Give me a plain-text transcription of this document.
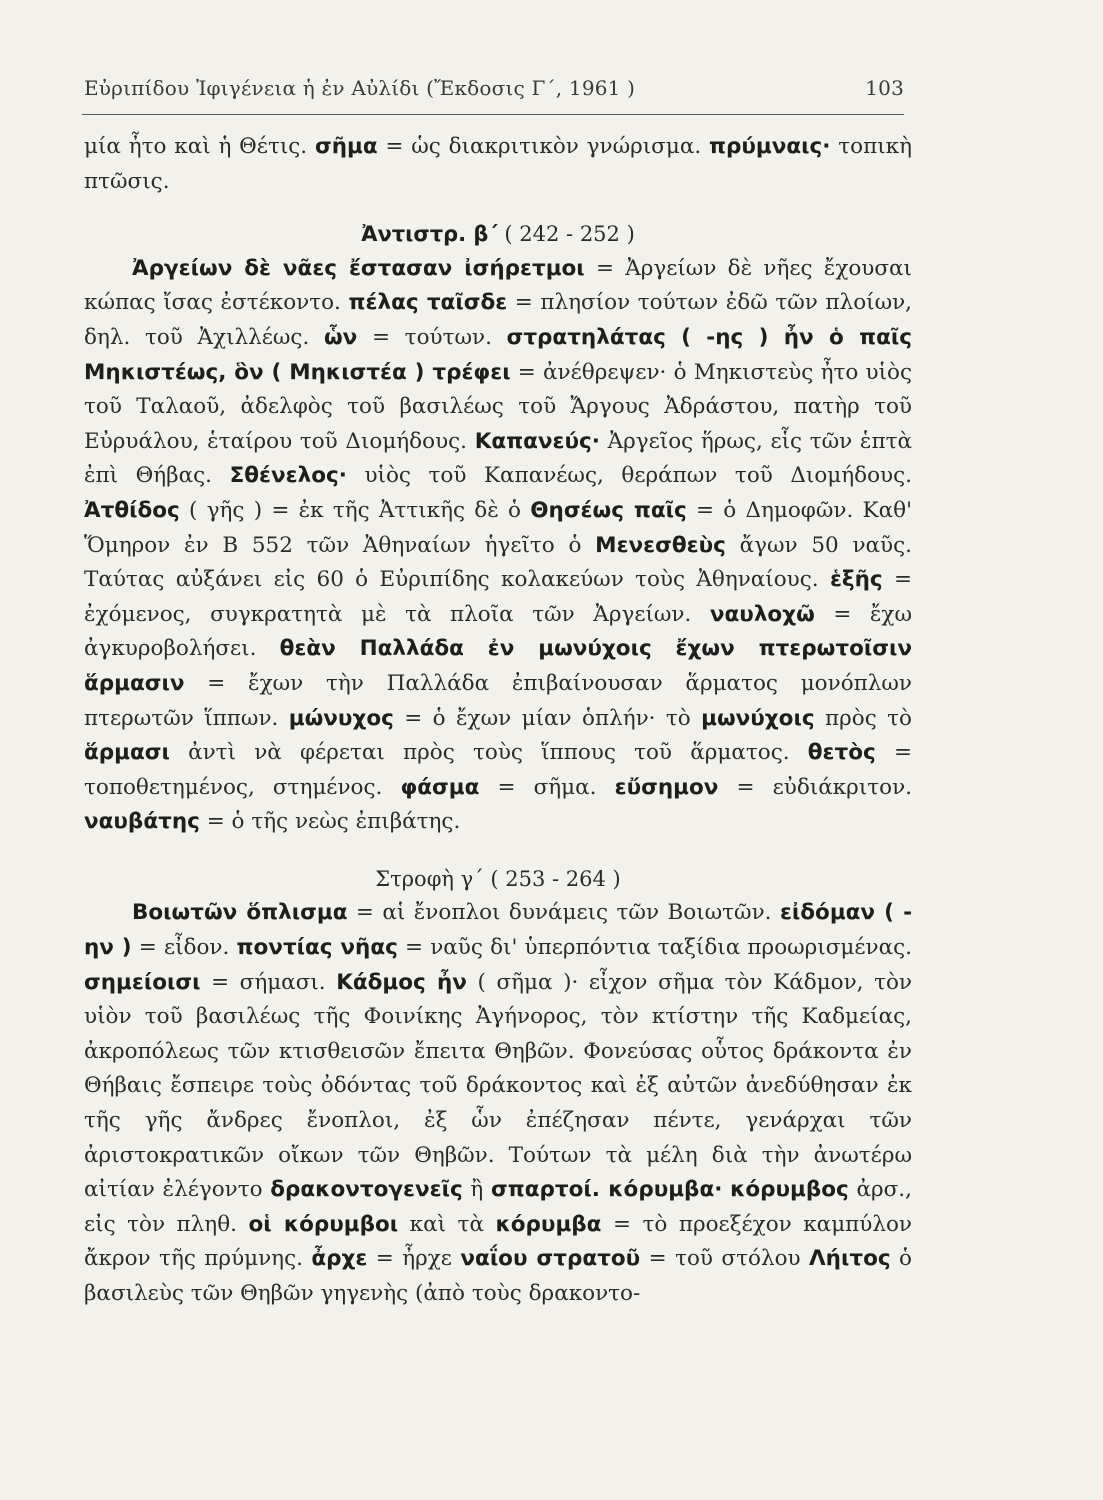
Εὐριπίδου Ἰφιγένεια ἡ ἐν Αὐλίδι (Ἔκδοσις Γ΄, 1961 )	103

μία ἦτο καὶ ἡ Θέτις. σῆμα = ὡς διακριτικὸν γνώρισμα. πρύμναις· τοπικὴ πτῶσις.

Ἀντιστρ. β΄ ( 242 - 252 )

Ἀργείων δὲ νᾶες ἔστασαν ἰσήρετμοι = Ἀργείων δὲ νῆες ἔχουσαι κώπας ἴσας ἐστέκοντο. πέλας ταῖσδε = πλησίον τούτων ἐδῶ τῶν πλοίων, δηλ. τοῦ Ἀχιλλέως. ὧν = τούτων. στρατηλάτας ( -ης ) ἦν ὁ παῖς Μηκιστέως, ὃν ( Μηκιστέα ) τρέφει = ἀνέθρεψεν· ὁ Μηκιστεὺς ἦτο υἱὸς τοῦ Ταλαοῦ, ἀδελφὸς τοῦ βασιλέως τοῦ Ἄργους Ἀδράστου, πατὴρ τοῦ Εὐρυάλου, ἑταίρου τοῦ Διομήδους. Καπανεύς· Ἀργεῖος ἥρως, εἷς τῶν ἑπτὰ ἐπὶ Θήβας. Σθένελος· υἱὸς τοῦ Καπανέως, θεράπων τοῦ Διομήδους. Ἀτθίδος ( γῆς ) = ἐκ τῆς Ἀττικῆς δὲ ὁ Θησέως παῖς = ὁ Δημοφῶν. Καθ' Ὅμηρον ἐν Β 552 τῶν Ἀθηναίων ἡγεῖτο ὁ Μενεσθεὺς ἄγων 50 ναῦς. Ταύτας αὐξάνει εἰς 60 ὁ Εὐριπίδης κολακεύων τοὺς Ἀθηναίους. ἑξῆς = ἐχόμενος, συγκρατητὰ μὲ τὰ πλοῖα τῶν Ἀργείων. ναυλοχῶ = ἔχω ἀγκυροβολήσει. θεὰν Παλλάδα ἐν μωνύχοις ἔχων πτερωτοῖσιν ἅρμασιν = ἔχων τὴν Παλλάδα ἐπιβαίνουσαν ἅρματος μονόπλων πτερωτῶν ἵππων. μώνυχος = ὁ ἔχων μίαν ὁπλήν· τὸ μωνύχοις πρὸς τὸ ἅρμασι ἀντὶ νὰ φέρεται πρὸς τοὺς ἵππους τοῦ ἅρματος. θετὸς = τοποθετημένος, στημένος. φάσμα = σῆμα. εὔσημον = εὐδιάκριτον. ναυβάτης = ὁ τῆς νεὼς ἐπιβάτης.

Στροφὴ γ΄ ( 253 - 264 )

Βοιωτῶν ὅπλισμα = αἱ ἔνοπλοι δυνάμεις τῶν Βοιωτῶν. εἰδόμαν ( -ην ) = εἶδον. ποντίας νῆας = ναῦς δι' ὑπερπόντια ταξίδια προωρισμένας. σημείοισι = σήμασι. Κάδμος ἦν ( σῆμα )· εἶχον σῆμα τὸν Κάδμον, τὸν υἱὸν τοῦ βασιλέως τῆς Φοινίκης Ἀγήνορος, τὸν κτίστην τῆς Καδμείας, ἀκροπόλεως τῶν κτισθεισῶν ἔπειτα Θηβῶν. Φονεύσας οὗτος δράκοντα ἐν Θήβαις ἔσπειρε τοὺς ὀδόντας τοῦ δράκοντος καὶ ἐξ αὐτῶν ἀνεδύθησαν ἐκ τῆς γῆς ἄνδρες ἔνοπλοι, ἐξ ὧν ἐπέζησαν πέντε, γενάρχαι τῶν ἀριστοκρατικῶν οἴκων τῶν Θηβῶν. Τούτων τὰ μέλη διὰ τὴν ἀνωτέρω αἰτίαν ἐλέγοντο δρακοντογενεῖς ἢ σπαρτοί. κόρυμβα· κόρυμβος ἀρσ., εἰς τὸν πληθ. οἱ κόρυμβοι καὶ τὰ κόρυμβα = τὸ προεξέχον καμπύλον ἄκρον τῆς πρύμνης. ἆρχε = ἦρχε ναΐου στρατοῦ = τοῦ στόλου Λήιτος ὁ βασιλεὺς τῶν Θηβῶν γηγενὴς (ἀπὸ τοὺς δρακοντο-
